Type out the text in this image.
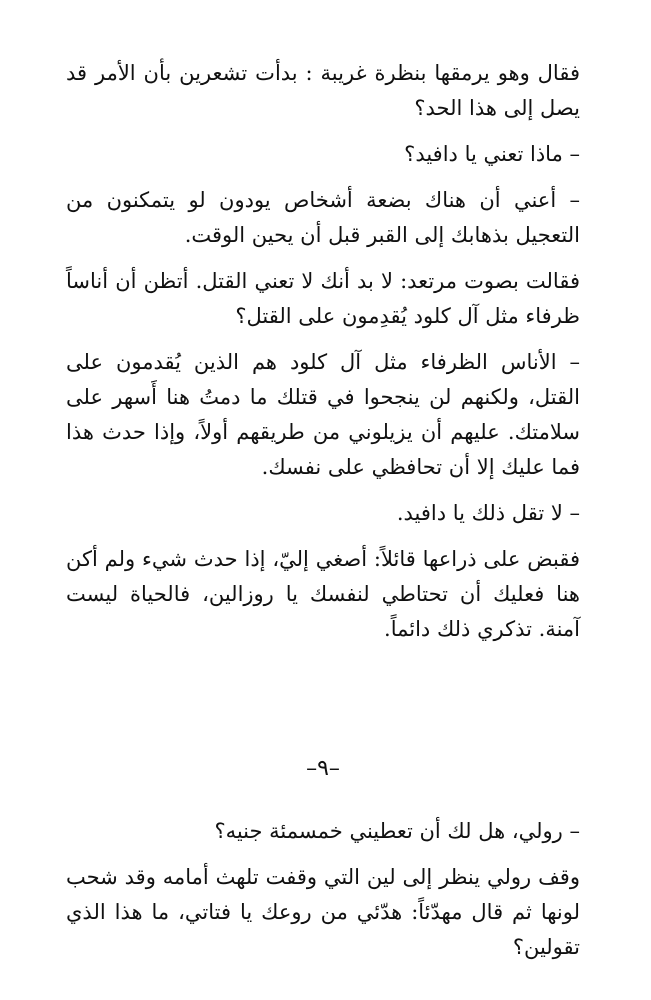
فقال وهو يرمقها بنظرة غريبة : بدأت تشعرين بأن الأمر قد يصل إلى هذا الحد؟

– ماذا تعني يا دافيد؟

– أعني أن هناك بضعة أشخاص يودون لو يتمكنون من التعجيل بذهابك إلى القبر قبل أن يحين الوقت.

فقالت بصوت مرتعد: لا بد أنك لا تعني القتل. أتظن أن أناساً ظرفاء مثل آل كلود يُقدِمون على القتل؟

– الأناس الظرفاء مثل آل كلود هم الذين يُقدمون على القتل، ولكنهم لن ينجحوا في قتلك ما دمتُ هنا أَسهر على سلامتك. عليهم أن يزيلوني من طريقهم أولاً، وإذا حدث هذا فما عليك إلا أن تحافظي على نفسك.

– لا تقل ذلك يا دافيد.

فقبض على ذراعها قائلاً: أصغي إليّ، إذا حدث شيء ولم أكن هنا فعليك أن تحتاطي لنفسك يا روزالين، فالحياة ليست آمنة. تذكري ذلك دائماً.

–٩–

– رولي، هل لك أن تعطيني خمسمئة جنيه؟

وقف رولي ينظر إلى لين التي وقفت تلهث أمامه وقد شحب لونها ثم قال مهدّئاً: هدّئي من روعك يا فتاتي، ما هذا الذي تقولين؟
